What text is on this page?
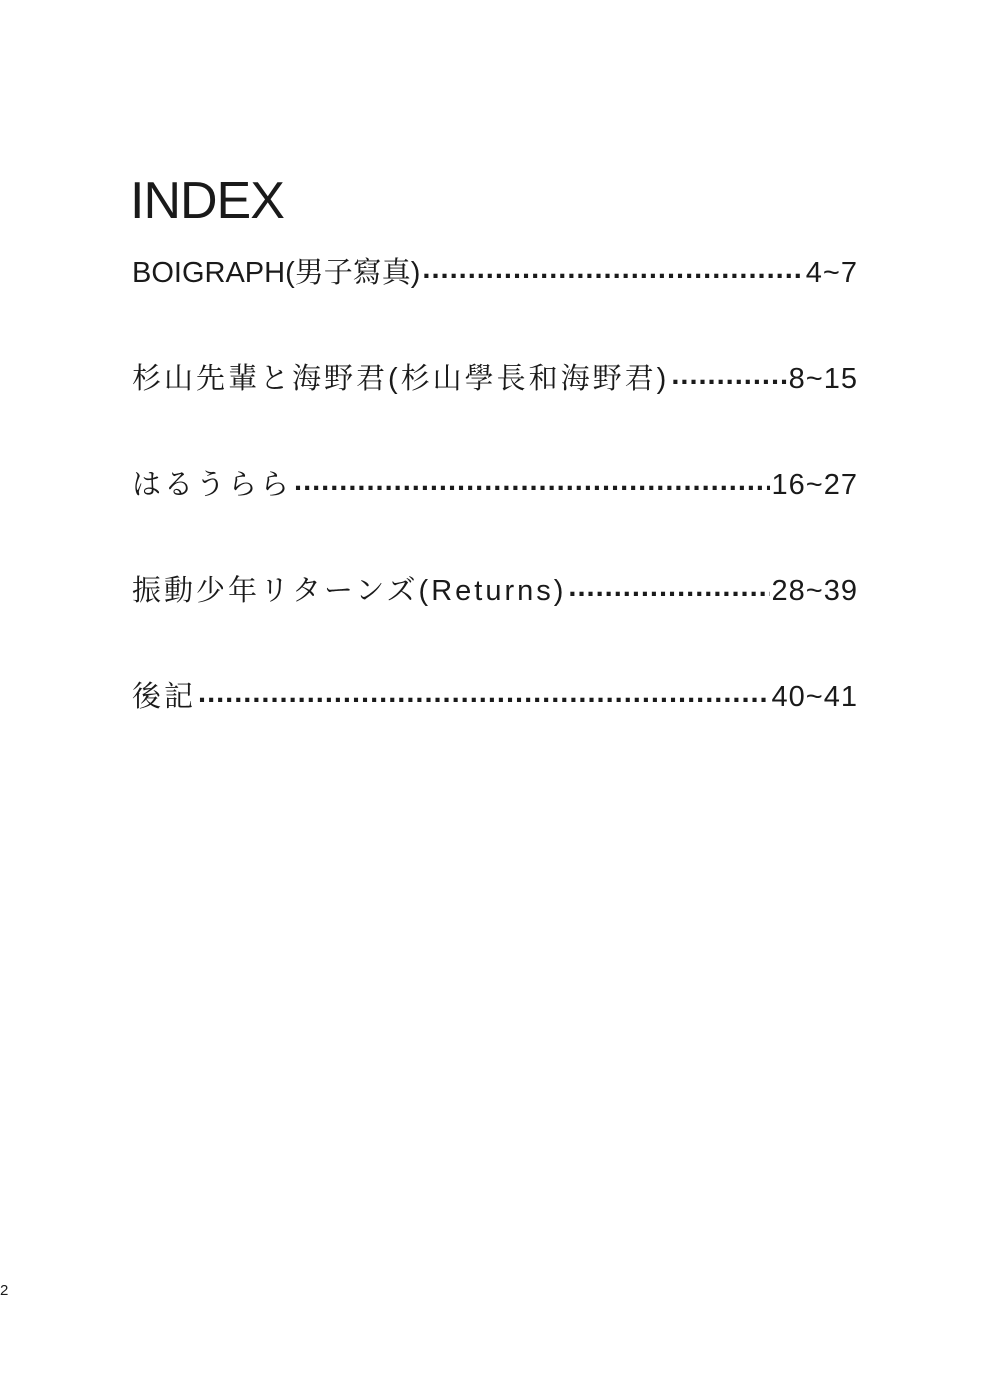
INDEX
BOIGRAPH(男子寫真) .....	4~7
杉山先輩と海野君(杉山學長和海野君) .....	8~15
はるうらら .....	16~27
振動少年リターンズ(Returns) .....	28~39
後記 .....	40~41
2
